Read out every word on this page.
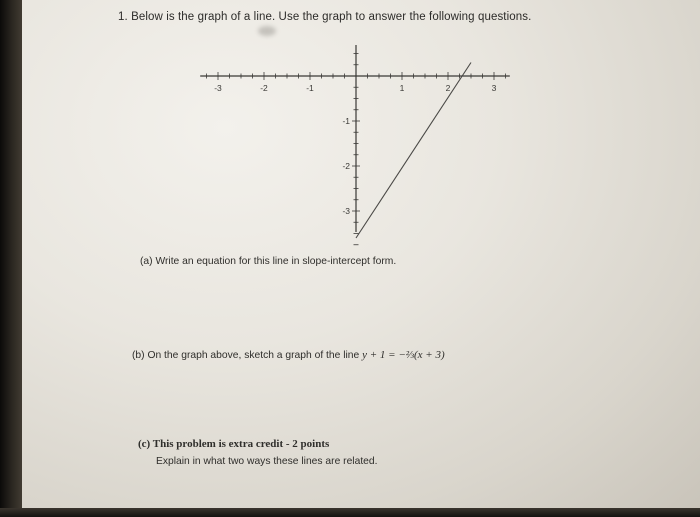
1. Below is the graph of a line. Use the graph to answer the following questions.
-3	-2	-1	1	2	3
-1
-2
-3
(a) Write an equation for this line in slope-intercept form.
(b) On the graph above, sketch a graph of the line y + 1 = −⅔(x + 3)
(c) This problem is extra credit - 2 points
Explain in what two ways these lines are related.
